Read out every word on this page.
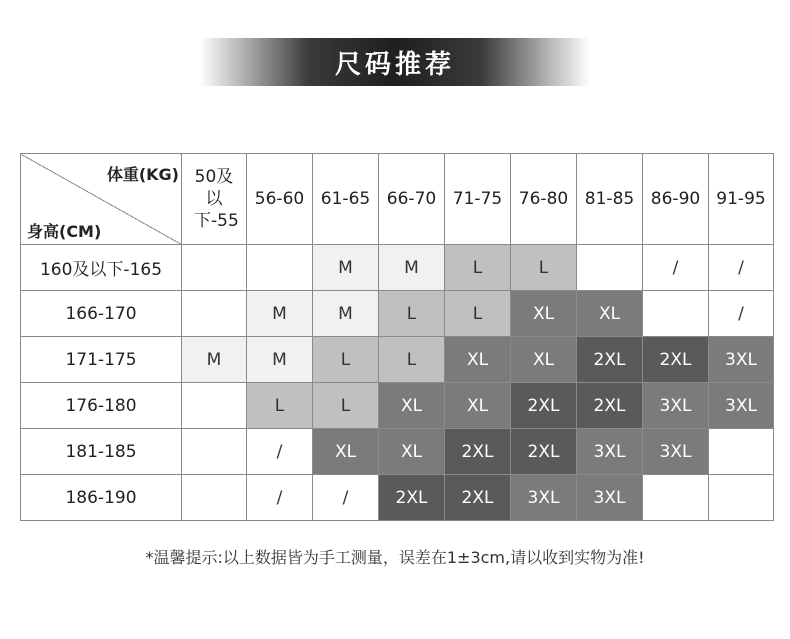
尺码推荐
体重(KG)
身高(CM)	50及以下-55	56-60	61-65	66-70	71-75	76-80	81-85	86-90	91-95
160及以下-165			M	M	L	L		/	/
166-170		M	M	L	L	XL	XL		/
171-175	M	M	L	L	XL	XL	2XL	2XL	3XL
176-180		L	L	XL	XL	2XL	2XL	3XL	3XL
181-185		/	XL	XL	2XL	2XL	3XL	3XL	
186-190		/	/	2XL	2XL	3XL	3XL		
*温馨提示:以上数据皆为手工测量，误差在1±3cm,请以收到实物为准!
